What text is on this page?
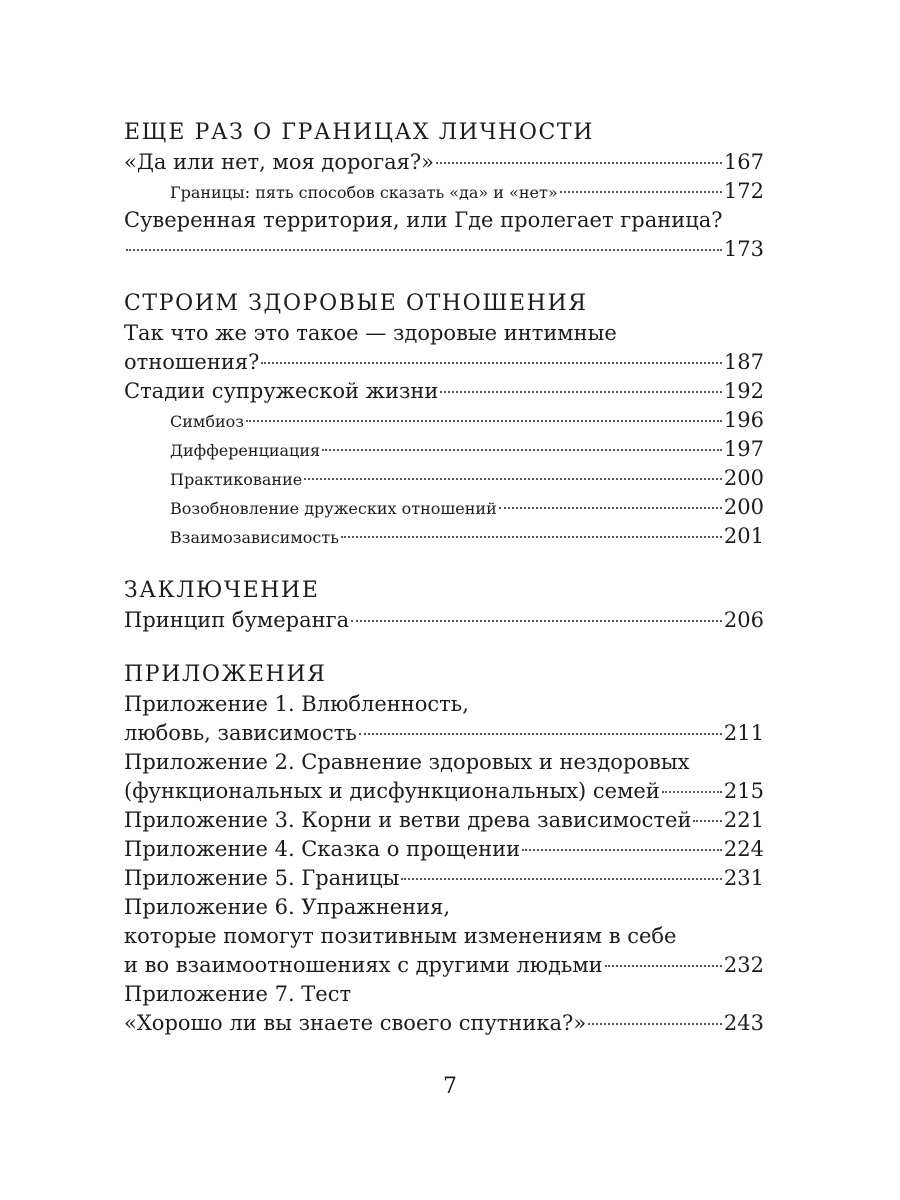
ЕЩЕ РАЗ О ГРАНИЦАХ ЛИЧНОСТИ
«Да или нет, моя дорогая?»	167
Границы: пять способов сказать «да» и «нет»	172
Суверенная территория, или Где пролегает граница?
173
СТРОИМ ЗДОРОВЫЕ ОТНОШЕНИЯ
Так что же это такое — здоровые интимные
отношения?	187
Стадии супружеской жизни	192
Симбиоз	196
Дифференциация	197
Практикование	200
Возобновление дружеских отношений	200
Взаимозависимость	201
ЗАКЛЮЧЕНИЕ
Принцип бумеранга	206
ПРИЛОЖЕНИЯ
Приложение 1. Влюбленность,
любовь, зависимость	211
Приложение 2. Сравнение здоровых и нездоровых
(функциональных и дисфункциональных) семей	215
Приложение 3. Корни и ветви древа зависимостей 221
Приложение 4. Сказка о прощении	224
Приложение 5. Границы	231
Приложение 6. Упражнения,
которые помогут позитивным изменениям в себе
и во взаимоотношениях с другими людьми	232
Приложение 7. Тест
«Хорошо ли вы знаете своего спутника?»	243
7
